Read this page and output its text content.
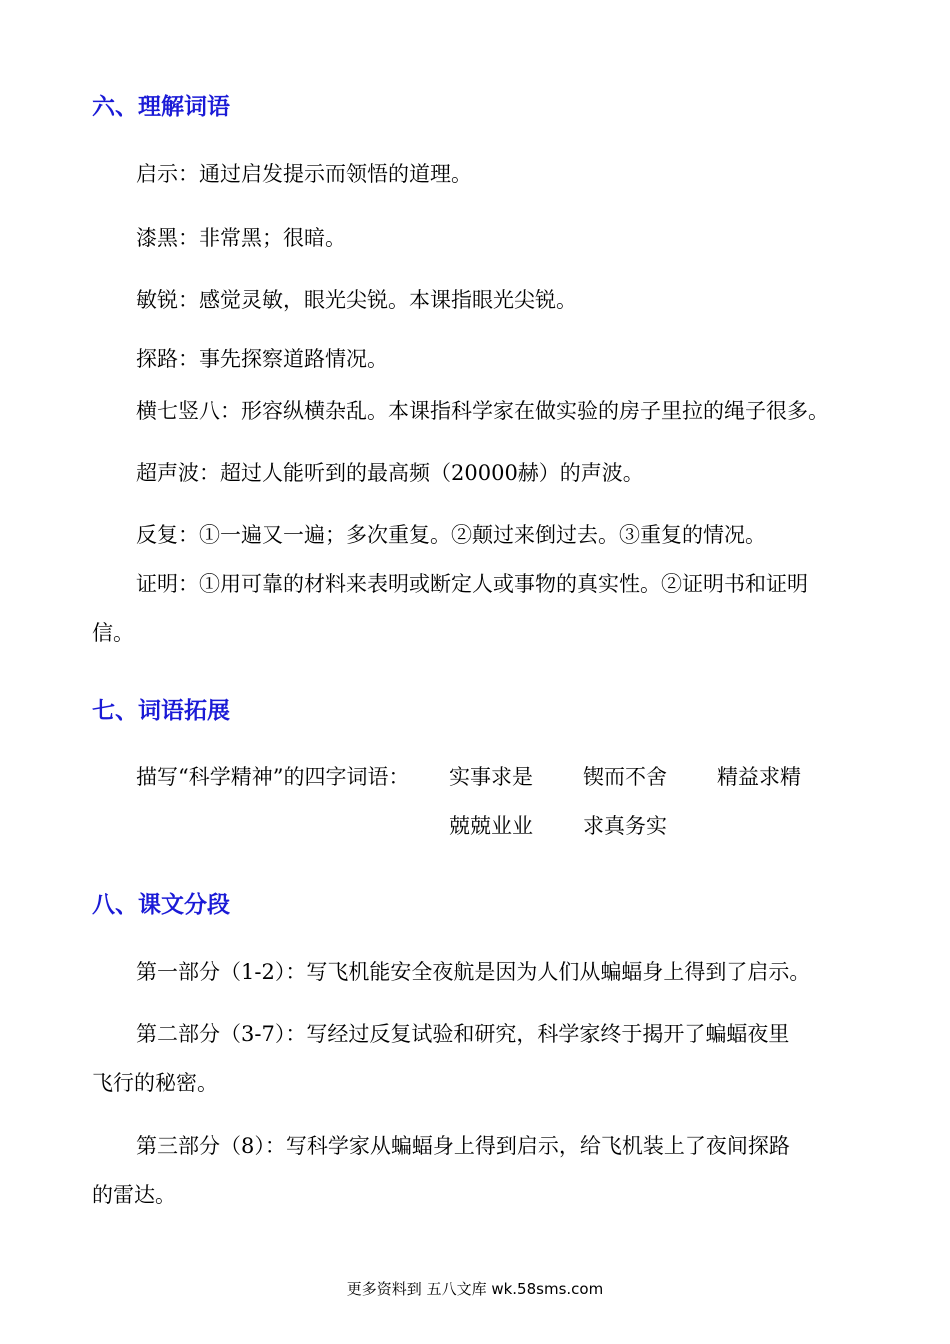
六、理解词语

启示：通过启发提示而领悟的道理。

漆黑：非常黑；很暗。

敏锐：感觉灵敏，眼光尖锐。本课指眼光尖锐。

探路：事先探察道路情况。

横七竖八：形容纵横杂乱。本课指科学家在做实验的房子里拉的绳子很多。

超声波：超过人能听到的最高频（20000赫）的声波。

反复：①一遍又一遍；多次重复。②颠过来倒过去。③重复的情况。

证明：①用可靠的材料来表明或断定人或事物的真实性。②证明书和证明

信。

七、词语拓展

描写“科学精神”的四字词语： 实事求是 锲而不舍 精益求精

兢兢业业 求真务实

八、课文分段

第一部分（1-2）：写飞机能安全夜航是因为人们从蝙蝠身上得到了启示。

第二部分（3-7）：写经过反复试验和研究，科学家终于揭开了蝙蝠夜里

飞行的秘密。

第三部分（8）：写科学家从蝙蝠身上得到启示，给飞机装上了夜间探路

的雷达。

更多资料到 五八文库 wk.58sms.com
